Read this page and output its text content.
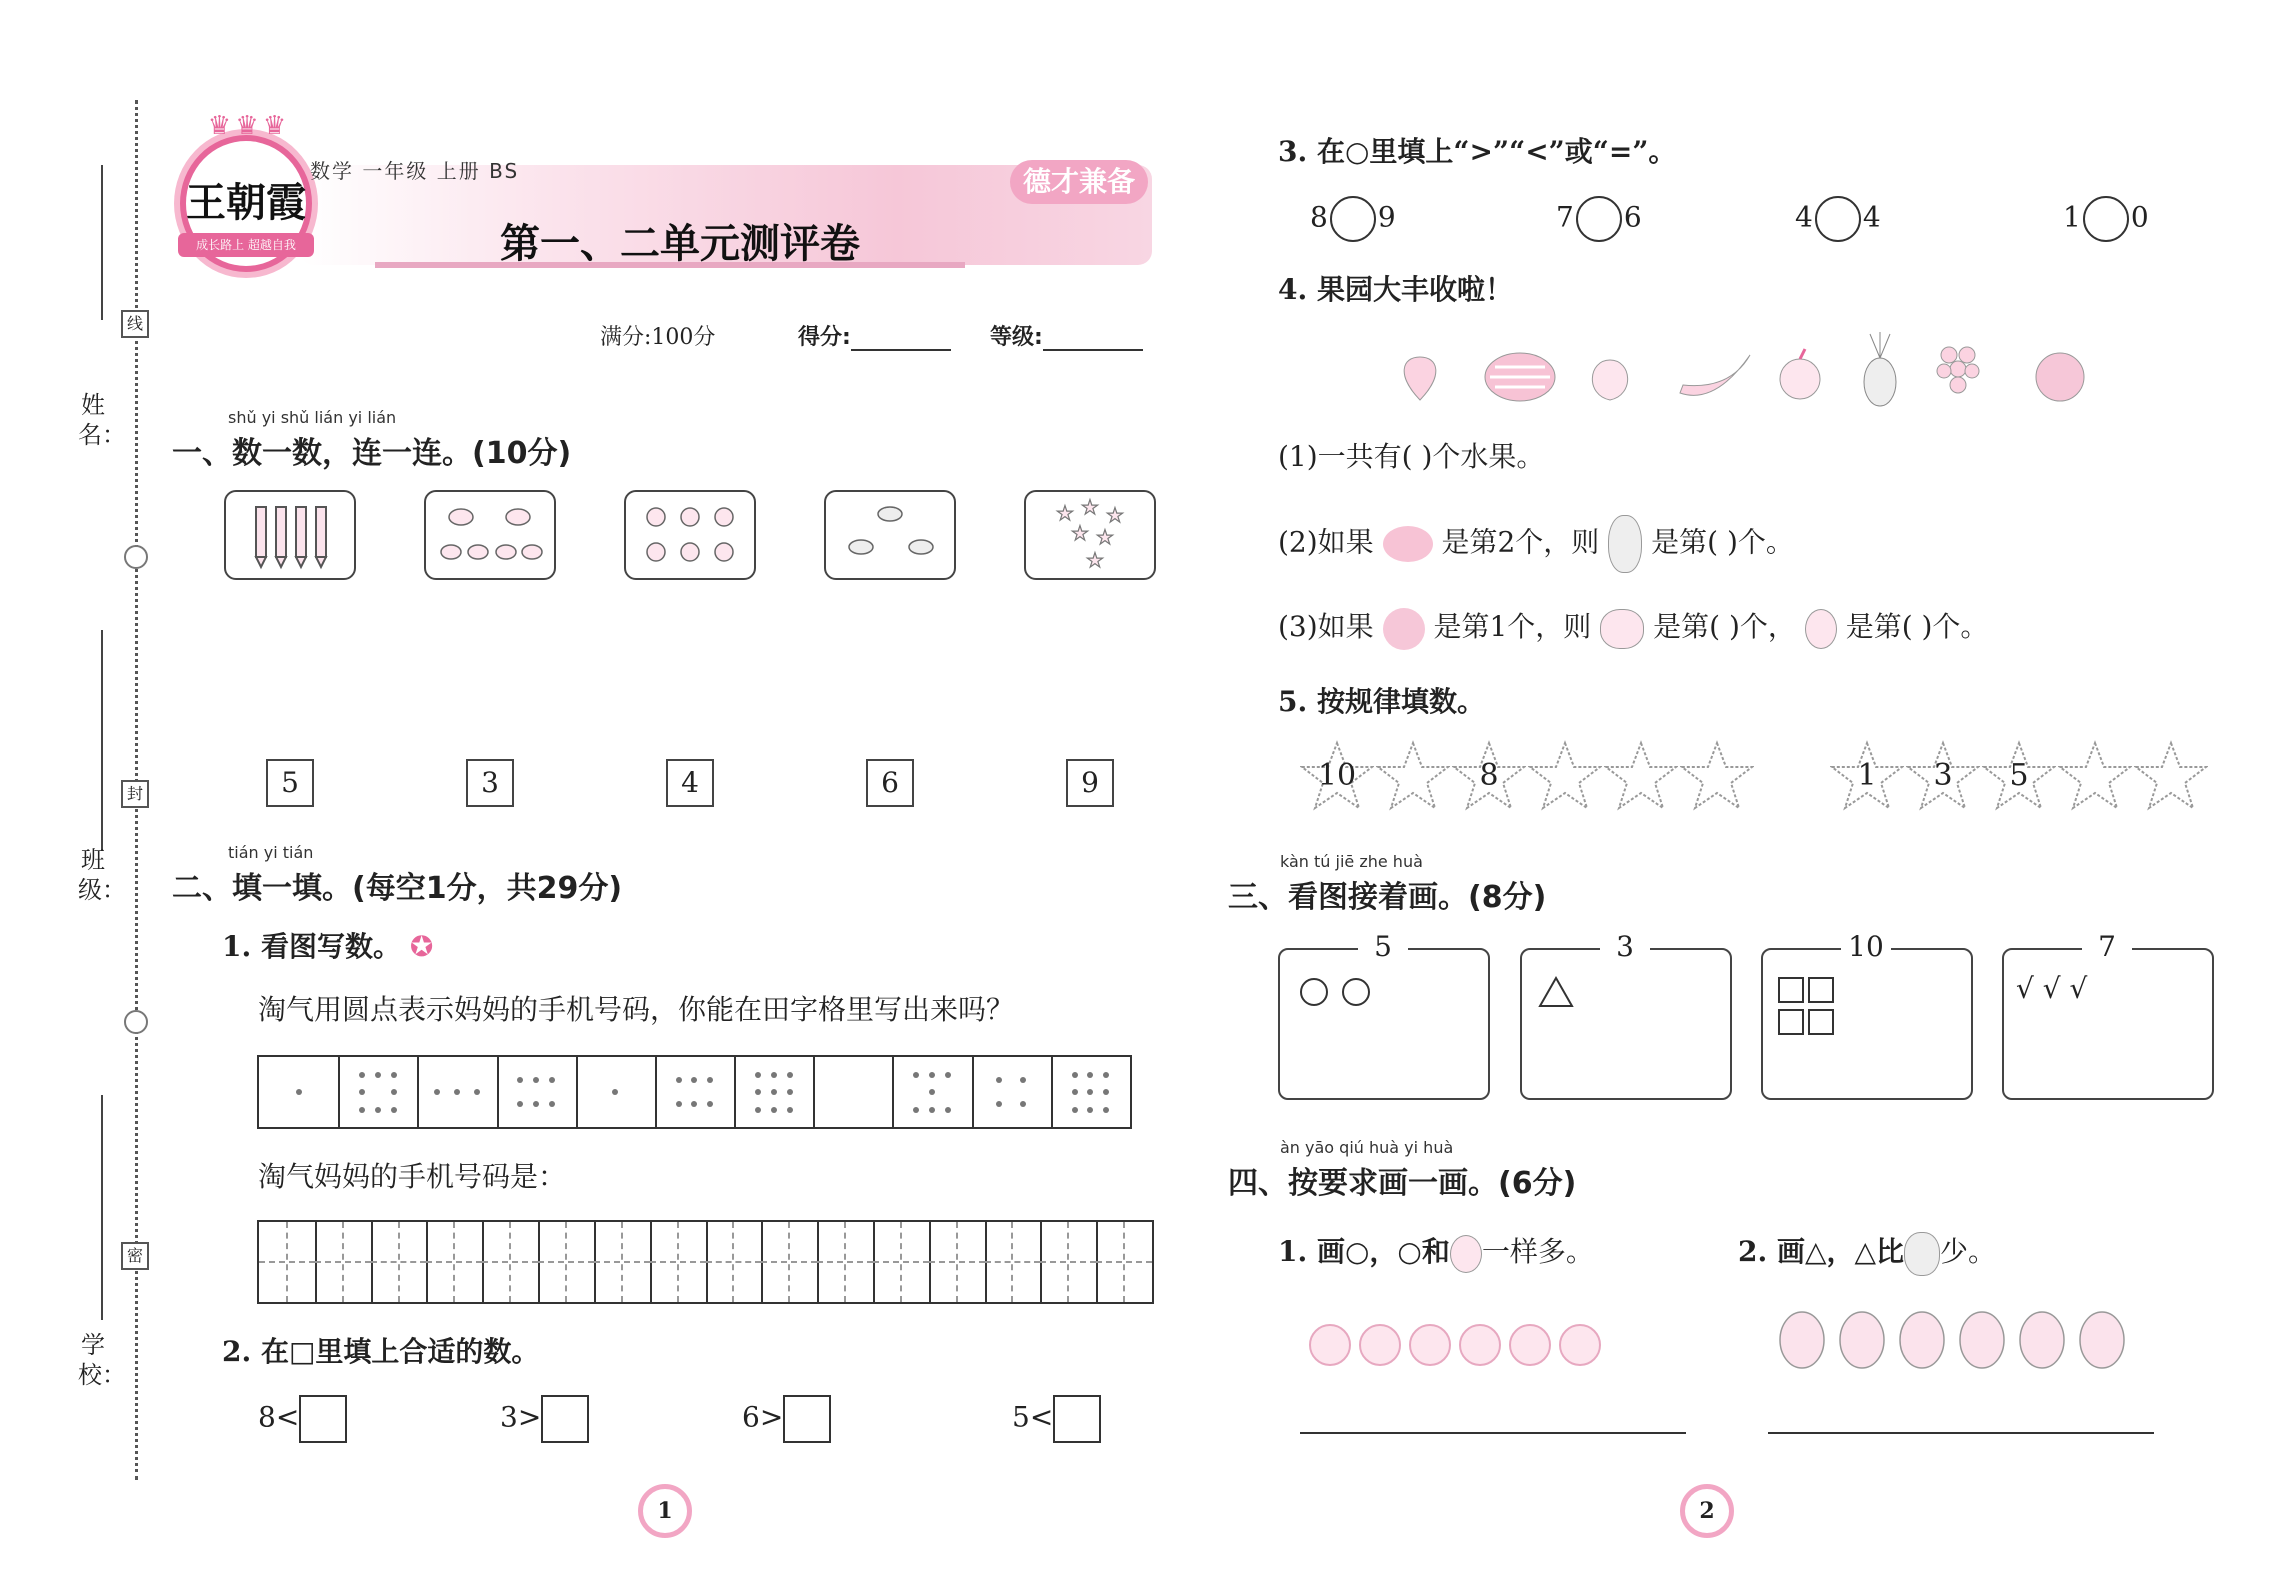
姓 名：
班 级：
学 校：
线
封
密
♛ ♛ ♛
王朝霞
成长路上 超越自我
数学 一年级 上册 BS
第一、二单元测评卷
德才兼备
满分:100分	得分:	等级:
shǔ yi shǔ lián yi lián
一、数一数，连一连。(10分)
★ ★ ★
★ ★
★
5	3	4	6	9
tián yi tián
二、填一填。(每空1分，共29分)
1. 看图写数。 ✪
淘气用圆点表示妈妈的手机号码，你能在田字格里写出来吗？
淘气妈妈的手机号码是：
2. 在□里填上合适的数。
8<	3>	6>	5<
1
3. 在○里填上“>”“<”或“=”。
8 9	7 6	4 4	1 0
4. 果园大丰收啦！
(1)一共有( )个水果。
(2)如果 是第2个，则 是第( )个。
(3)如果 是第1个，则 是第( )个， 是第( )个。
5. 按规律填数。
10	8	1	3	5
kàn tú jiē zhe huà
三、看图接着画。(8分)
5	3	10
√ √ √
7
àn yāo qiú huà yi huà
四、按要求画一画。(6分)
1. 画○，○和 一样多。	2. 画△，△比 少。
2
